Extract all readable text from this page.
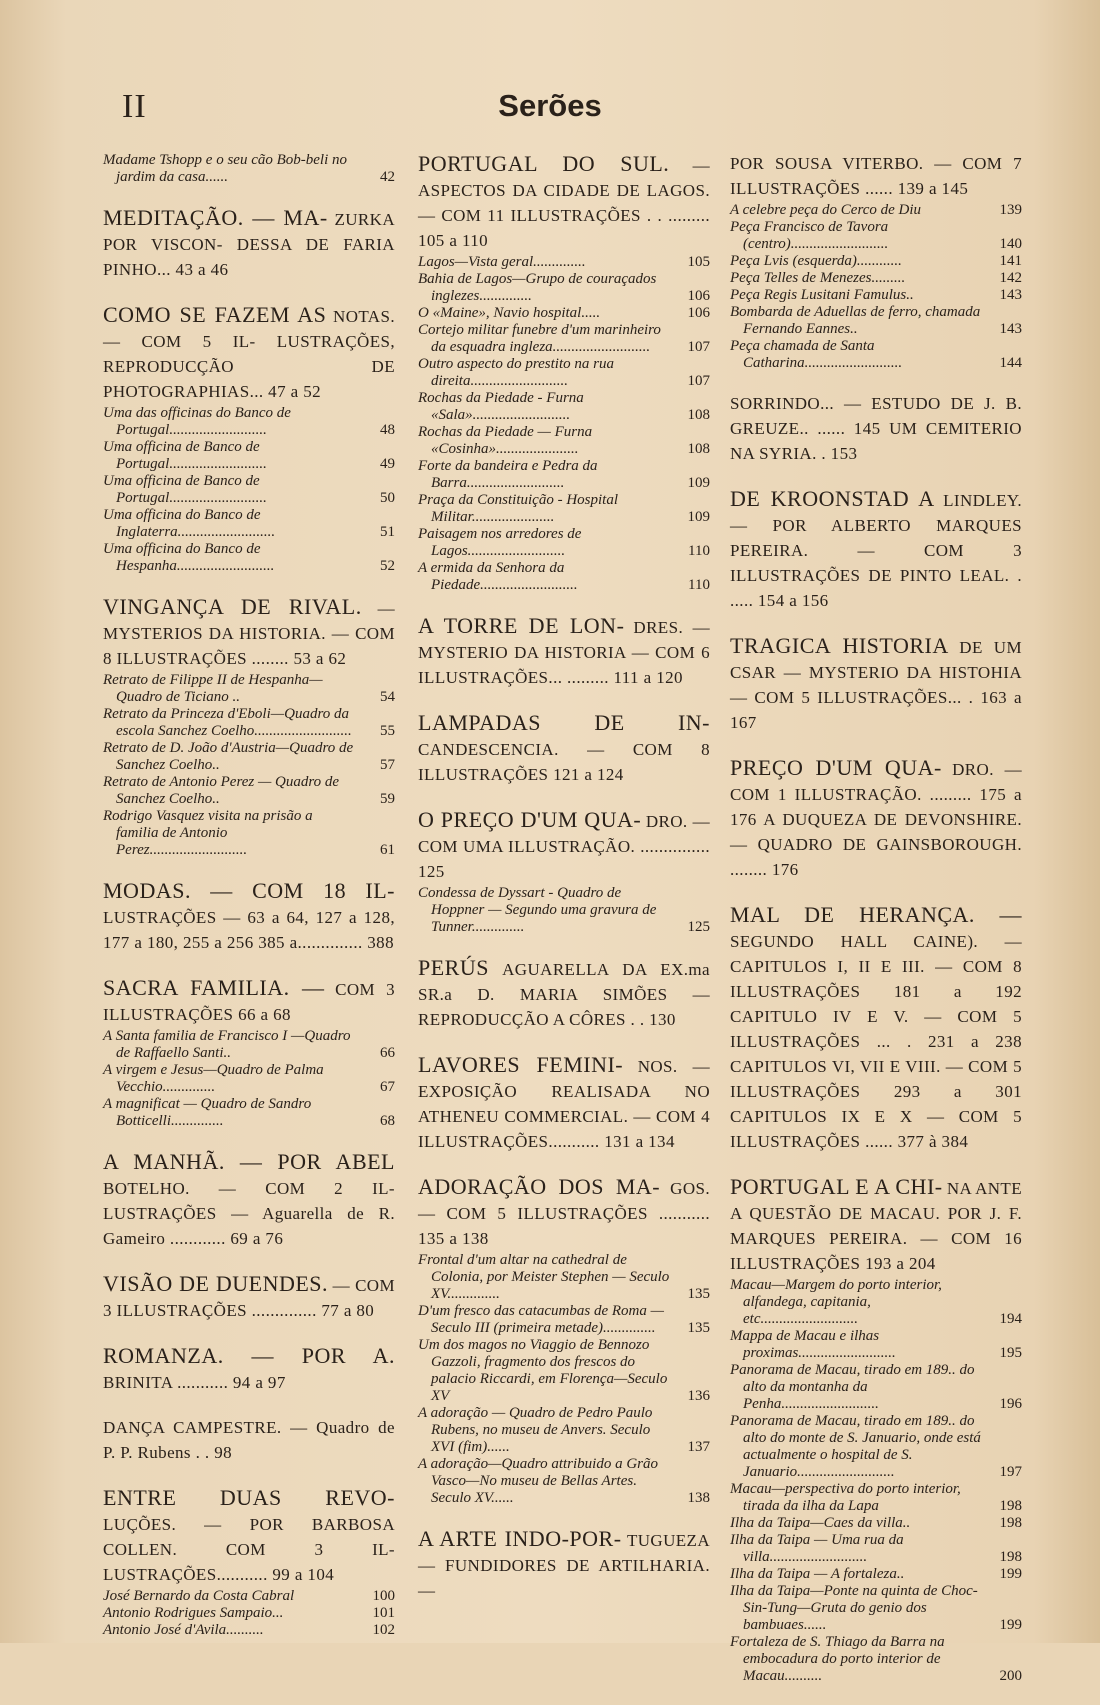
II	Serões
Madame Tshopp e o seu cão Bob-beli no jardim da casa......	42
MEDITAÇÃO. — MA- ZURKA POR VISCON- DESSA DE FARIA PINHO... 43 a 46
COMO SE FAZEM AS NOTAS. — COM 5 IL- LUSTRAÇÕES, REPRODUCÇÃO DE PHOTOGRAPHIAS... 47 a 52
Uma das officinas do Banco de Portugal..........................	48
Uma officina de Banco de Portugal..........................	49
Uma officina de Banco de Portugal..........................	50
Uma officina do Banco de Inglaterra..........................	51
Uma officina do Banco de Hespanha..........................	52
VINGANÇA DE RIVAL. — MYSTERIOS DA HISTORIA. — COM 8 ILLUSTRAÇÕES ........ 53 a 62
Retrato de Filippe II de Hespanha—Quadro de Ticiano ..	54
Retrato da Princeza d'Eboli—Quadro da escola Sanchez Coelho.......................... 55
Retrato de D. João d'Austria—Quadro de Sanchez Coelho..	57
Retrato de Antonio Perez — Quadro de Sanchez Coelho..	59
Rodrigo Vasquez visita na prisão a familia de Antonio Perez..........................	61
MODAS. — COM 18 IL- LUSTRAÇÕES — 63 a 64, 127 a 128, 177 a 180, 255 a 256 385 a.............. 388
SACRA FAMILIA. — COM 3 ILLUSTRAÇÕES 66 a 68
A Santa familia de Francisco I —Quadro de Raffaello Santi..	66
A virgem e Jesus—Quadro de Palma Vecchio..............	67
A magnificat — Quadro de Sandro Botticelli..............	68
A MANHÃ. — POR ABEL BOTELHO. — COM 2 IL- LUSTRAÇÕES — Aguarella de R. Gameiro ............ 69 a 76
VISÃO DE DUENDES. — COM 3 ILLUSTRAÇÕES .............. 77 a 80
ROMANZA. — POR A. BRINITA ........... 94 a 97
DANÇA CAMPESTRE. — Quadro de P. P. Rubens . . 98
ENTRE DUAS REVO- LUÇÕES. — POR BARBOSA COLLEN. COM 3 IL- LUSTRAÇÕES........... 99 a 104
José Bernardo da Costa Cabral	100
Antonio Rodrigues Sampaio...	101
Antonio José d'Avila..........	102
PORTUGAL DO SUL. — ASPECTOS DA CIDADE DE LAGOS. — COM 11 ILLUSTRAÇÕES . . ......... 105 a 110
Lagos—Vista geral..............	105
Bahia de Lagos—Grupo de couraçados inglezes..............	106
O «Maine», Navio hospital.....	106
Cortejo militar funebre d'um marinheiro da esquadra ingleza.......................... 107
Outro aspecto do prestito na rua direita..........................	107
Rochas da Piedade - Furna «Sala»..........................	108
Rochas da Piedade — Furna «Cosinha»......................	108
Forte da bandeira e Pedra da Barra..........................	109
Praça da Constituição - Hospital Militar......................	109
Paisagem nos arredores de Lagos..........................	110
A ermida da Senhora da Piedade..........................	110
A TORRE DE LON- DRES. — MYSTERIO DA HISTORIA — COM 6 ILLUSTRAÇÕES... ......... 111 a 120
LAMPADAS DE IN- CANDESCENCIA. — COM 8 ILLUSTRAÇÕES 121 a 124
O PREÇO D'UM QUA- DRO. — COM UMA ILLUSTRAÇÃO. ............... 125
Condessa de Dyssart - Quadro de Hoppner — Segundo uma gravura de Tunner..............	125
PERÚS AGUARELLA DA EX.ma SR.a D. MARIA SIMÕES — REPRODUCÇÃO A CÔRES . . 130
LAVORES FEMINI- NOS. — EXPOSIÇÃO REALISADA NO ATHENEU COMMERCIAL. — COM 4 ILLUSTRAÇÕES........... 131 a 134
ADORAÇÃO DOS MA- GOS. — COM 5 ILLUSTRAÇÕES ........... 135 a 138
Frontal d'um altar na cathedral de Colonia, por Meister Stephen — Seculo XV..............	135
D'um fresco das catacumbas de Roma — Seculo III (primeira metade).............. 135
Um dos magos no Viaggio de Bennozo Gazzoli, fragmento dos frescos do palacio Riccardi, em Florença—Seculo XV	136
A adoração — Quadro de Pedro Paulo Rubens, no museu de Anvers. Seculo XVI (fim)......	137
A adoração—Quadro attribuido a Grão Vasco—No museu de Bellas Artes. Seculo XV......	138
A ARTE INDO-POR- TUGUEZA — FUNDIDORES DE ARTILHARIA. —
POR SOUSA VITERBO. — COM 7 ILLUSTRAÇÕES ...... 139 a 145
A celebre peça do Cerco de Diu	139
Peça Francisco de Tavora (centro)..........................	140
Peça Lvis (esquerda)............	141
Peça Telles de Menezes.........	142
Peça Regis Lusitani Famulus..	143
Bombarda de Aduellas de ferro, chamada Fernando Eannes..	143
Peça chamada de Santa Catharina..........................	144
SORRINDO... — ESTUDO DE J. B. GREUZE.. ...... 145 UM CEMITERIO NA SYRIA. . 153
DE KROONSTAD A LINDLEY. — POR ALBERTO MARQUES PEREIRA. — COM 3 ILLUSTRAÇÕES DE PINTO LEAL. . ..... 154 a 156
TRAGICA HISTORIA DE UM CSAR — MYSTERIO DA HISTOHIA — COM 5 ILLUSTRAÇÕES... . 163 a 167
PREÇO D'UM QUA- DRO. — COM 1 ILLUSTRAÇÃO. ......... 175 a 176 A DUQUEZA DE DEVONSHIRE. — QUADRO DE GAINSBOROUGH. ........ 176
MAL DE HERANÇA. — SEGUNDO HALL CAINE). — CAPITULOS I, II E III. — COM 8 ILLUSTRAÇÕES 181 a 192 CAPITULO IV E V. — COM 5 ILLUSTRAÇÕES ... . 231 a 238 CAPITULOS VI, VII E VIII. — COM 5 ILLUSTRAÇÕES 293 a 301 CAPITULOS IX E X — COM 5 ILLUSTRAÇÕES ...... 377 à 384
PORTUGAL E A CHI- NA ANTE A QUESTÃO DE MACAU. POR J. F. MARQUES PEREIRA. — COM 16 ILLUSTRAÇÕES 193 a 204
Macau—Margem do porto interior, alfandega, capitania, etc..........................	194
Mappa de Macau e ilhas proximas..........................	195
Panorama de Macau, tirado em 189.. do alto da montanha da Penha..........................	196
Panorama de Macau, tirado em 189.. do alto do monte de S. Januario, onde está actualmente o hospital de S. Januario..........................	197
Macau—perspectiva do porto interior, tirada da ilha da Lapa	198
Ilha da Taipa—Caes da villa..	198
Ilha da Taipa — Uma rua da villa..........................	198
Ilha da Taipa — A fortaleza..	199
Ilha da Taipa—Ponte na quinta de Choc-Sin-Tung—Gruta do genio dos bambuaes......	199
Fortaleza de S. Thiago da Barra na embocadura do porto interior de Macau..........	200
